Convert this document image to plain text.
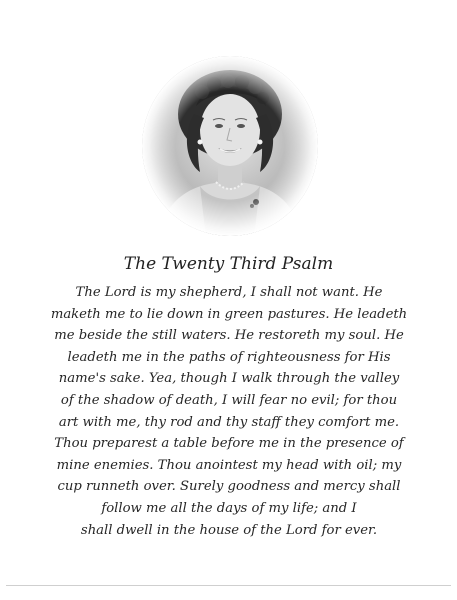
The Twenty Third Psalm
The Lord is my shepherd, I shall not want. He
maketh me to lie down in green pastures. He leadeth
me beside the still waters. He restoreth my soul. He
leadeth me in the paths of righteousness for His
name's sake. Yea, though I walk through the valley
of the shadow of death, I will fear no evil; for thou
art with me, thy rod and thy staff they comfort me.
Thou preparest a table before me in the presence of
mine enemies. Thou anointest my head with oil; my
cup runneth over. Surely goodness and mercy shall
follow me all the days of my life; and I
shall dwell in the house of the Lord for ever.
